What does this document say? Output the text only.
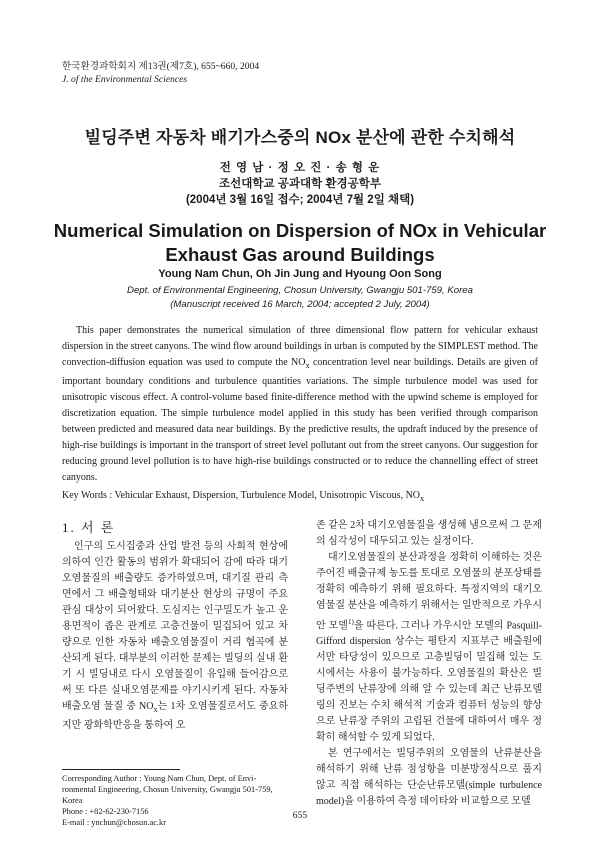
한국환경과학회지 제13권(제7호), 655~660, 2004
J. of the Environmental Sciences
빌딩주변 자동차 배기가스중의 NOx 분산에 관한 수치해석
전 영 남 · 정 오 진 · 송 형 운
조선대학교 공과대학 환경공학부
(2004년 3월 16일 접수; 2004년 7월 2일 채택)
Numerical Simulation on Dispersion of NOx in Vehicular
Exhaust Gas around Buildings
Young Nam Chun, Oh Jin Jung and Hyoung Oon Song
Dept. of Environmental Engineering, Chosun University, Gwangju 501-759, Korea
(Manuscript received 16 March, 2004; accepted 2 July, 2004)

This paper demonstrates the numerical simulation of three dimensional flow pattern for vehicular exhaust dispersion in the street canyons. The wind flow around buildings in urban is computed by the SIMPLEST method. The convection-diffusion equation was used to compute the $NO_x$ concentration level near buildings. Details are given of important boundary conditions and turbulence quantities variations. The simple turbulence model was used for unisotropic viscous effect. A control-volume based finite-difference method with the upwind scheme is employed for discretization equation. The simple turbulence model applied in this study has been verified through comparison between predicted and measured data near buildings. By the predictive results, the updraft induced by the presence of high-rise buildings is important in the transport of street level pollutant out from the street canyons. Our suggestion for reducing ground level pollution is to have high-rise buildings constructed or to reduce the channelling effect of street canyons.

Key Words : Vehicular Exhaust, Dispersion, Turbulence Model, Unisotropic Viscous, $NO_x$

1. 서 론

인구의 도시집중과 산업 발전 등의 사회적 현상에 의하여 인간 활동의 범위가 확대되어 감에 따라 대기오염물질의 배출량도 증가하였으며, 대기질 관리 측면에서 그 배출형태와 대기분산 현상의 규명이 주요 관심 대상이 되어왔다. 도심지는 인구밀도가 높고 운용면적이 좁은 관계로 고층건물이 밀집되어 있고 차량으로 인한 자동차 배출오염물질이 거리 협곡에 분산되게 된다. 대부분의 이러한 문제는 빌딩의 실내 환기 시 빌딩내로 다시 오염물질이 유입해 들어감으로써 또 다른 실내오염문제를 야기시키게 된다. 자동차 배출오염 물질 중 $NO_x$는 1차 오염물질로서도 중요하지만 광화학반응을 통하여 오

존 같은 2차 대기오염물질을 생성해 냄으로써 그 문제의 심각성이 대두되고 있는 실정이다.

대기오염물질의 분산과정을 정확히 이해하는 것은 주어진 배출규제 농도를 토대로 오염물의 분포상태를 정확히 예측하기 위해 필요하다. 특정지역의 대기오염물질 분산을 예측하기 위해서는 일반적으로 가우시안 모델$^{1)}$을 따른다. 그러나 가우시안 모델의 Pasquill-Gifford dispersion 상수는 평탄지 지표부근 배출원에서만 타당성이 있으므로 고층빌딩이 밀집해 있는 도시에서는 사용이 불가능하다. 오염물질의 확산은 빌딩주변의 난류장에 의해 알 수 있는데 최근 난류모델링의 진보는 수치 해석적 기술과 컴퓨터 성능의 향상으로 난류장 주위의 고립된 건물에 대하여서 매우 정확히 해석할 수 있게 되었다.

본 연구에서는 빌딩주위의 오염물의 난류분산을 해석하기 위해 난류 점성항을 미분방정식으로 풀지 않고 직접 해석하는 단순난류모델(simple turbulence model)을 이용하여 측정 데이타와 비교함으로 모델

Corresponding Author : Young Nam Chun, Dept. of Envi-
ronmental Engineering, Chosun University, Gwangju 501-759,
Korea
Phone : +82-62-230-7156
E-mail : ynchun@chosun.ac.kr
655
